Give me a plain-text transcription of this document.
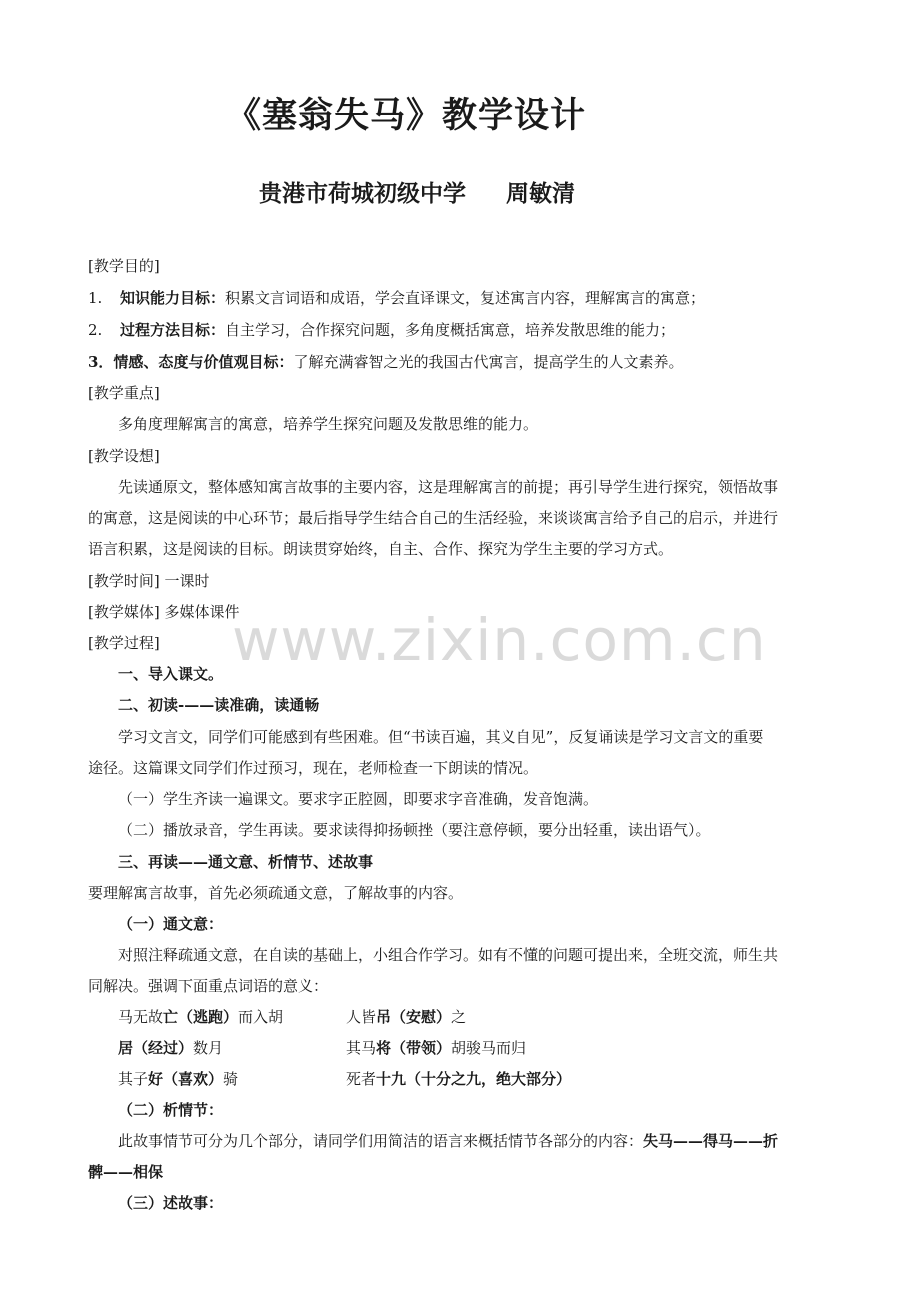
《塞翁失马》教学设计
贵港市荷城初级中学 周敏清
[教学目的]
1. 知识能力目标：积累文言词语和成语，学会直译课文，复述寓言内容，理解寓言的寓意；
2. 过程方法目标：自主学习，合作探究问题，多角度概括寓意，培养发散思维的能力；
3．情感、态度与价值观目标：了解充满睿智之光的我国古代寓言，提高学生的人文素养。
[教学重点]
多角度理解寓言的寓意，培养学生探究问题及发散思维的能力。
[教学设想]
先读通原文，整体感知寓言故事的主要内容，这是理解寓言的前提；再引导学生进行探究，领悟故事
的寓意，这是阅读的中心环节；最后指导学生结合自己的生活经验，来谈谈寓言给予自己的启示，并进行
语言积累，这是阅读的目标。朗读贯穿始终，自主、合作、探究为学生主要的学习方式。
[教学时间] 一课时
[教学媒体] 多媒体课件
[教学过程]
一、导入课文。
二、初读-——读准确，读通畅
学习文言文，同学们可能感到有些困难。但“书读百遍，其义自见”，反复诵读是学习文言文的重要
途径。这篇课文同学们作过预习，现在，老师检查一下朗读的情况。
（一）学生齐读一遍课文。要求字正腔圆，即要求字音准确，发音饱满。
（二）播放录音，学生再读。要求读得抑扬顿挫（要注意停顿，要分出轻重，读出语气）。
三、再读——通文意、析情节、述故事
要理解寓言故事，首先必须疏通文意，了解故事的内容。
（一）通文意：
对照注释疏通文意，在自读的基础上，小组合作学习。如有不懂的问题可提出来，全班交流，师生共
同解决。强调下面重点词语的意义：
马无故亡（逃跑）而入胡	人皆吊（安慰）之
居（经过）数月	其马将（带领）胡骏马而归
其子好（喜欢）骑	死者十九（十分之九，绝大部分）
（二）析情节：
此故事情节可分为几个部分，请同学们用简洁的语言来概括情节各部分的内容：失马——得马——折
髀——相保
（三）述故事：
www.zixin.com.cn
